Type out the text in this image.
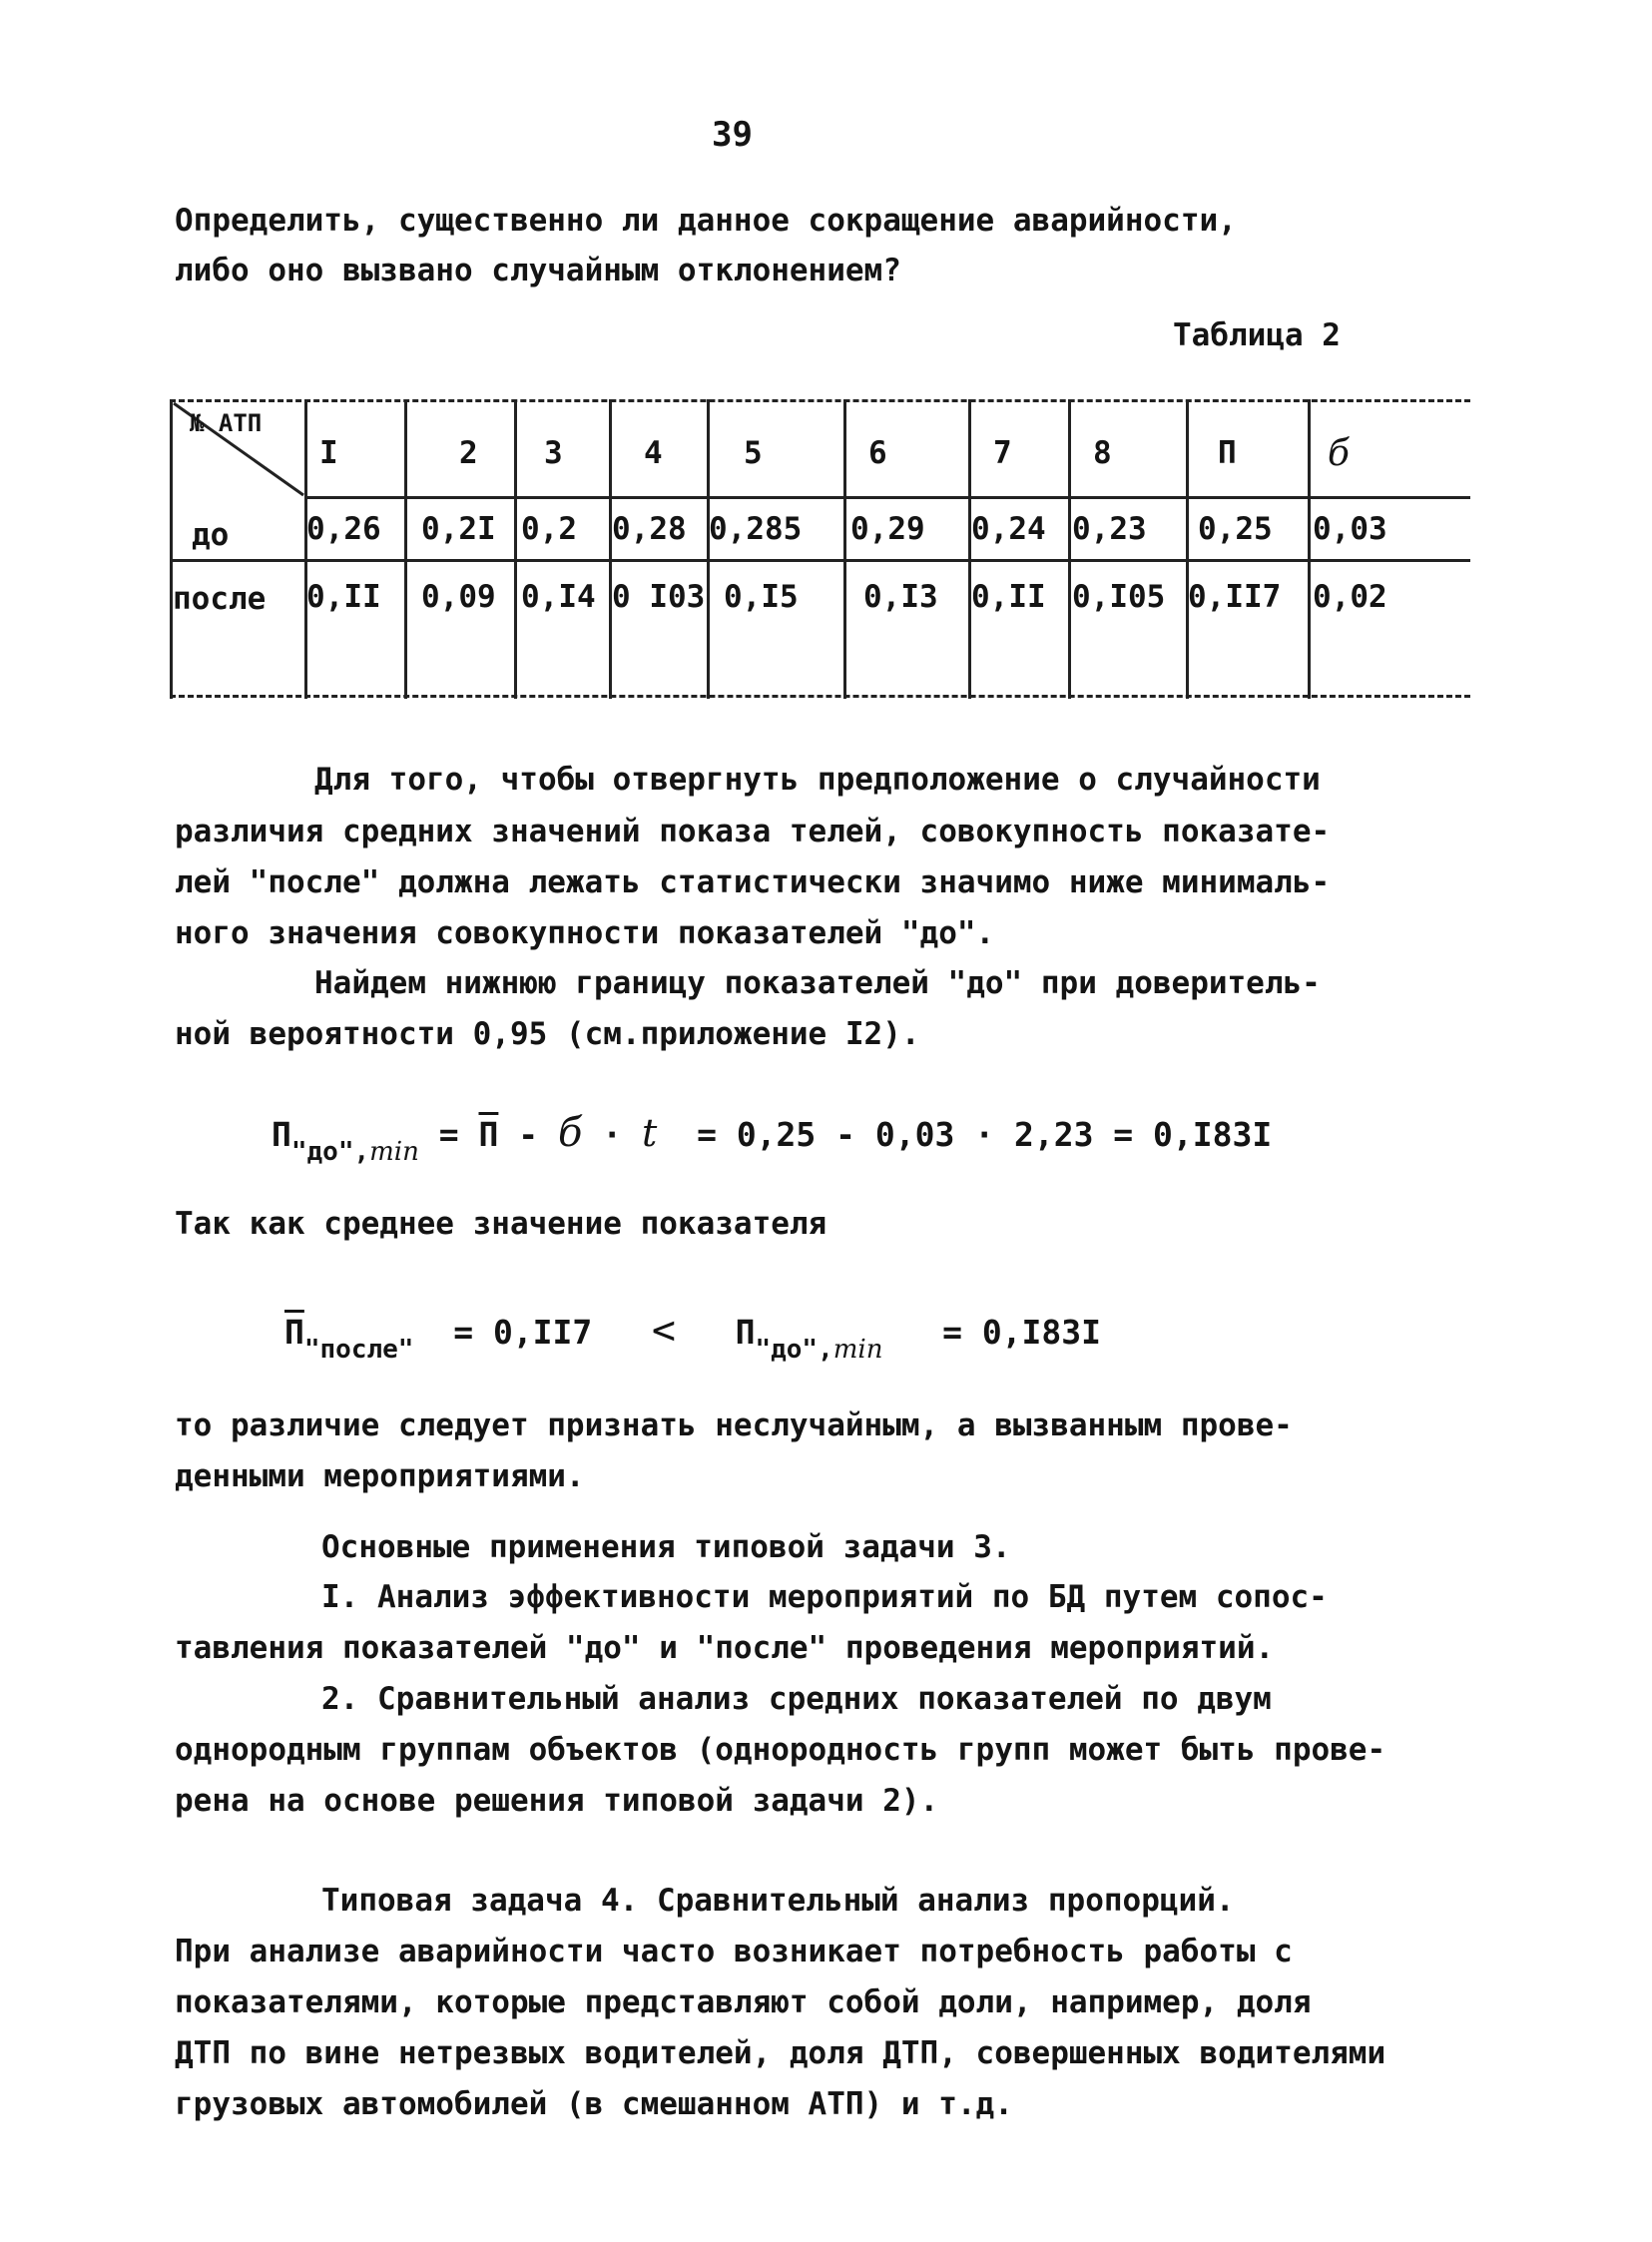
39
Определить, существенно ли данное сокращение аварийности,
либо оно вызвано случайным отклонением?
Таблица 2
№ АТП
I	2 3	4	5	6	7	8	П	б
до	0,26 0,2I 0,2 0,28 0,285 0,29 0,24 0,23 0,25 0,03
после 0,II 0,09 0,I4 0 I03 0,I5 0,I3 0,II 0,I05 0,II7 0,02
Для того, чтобы отвергнуть предположение о случайности
различия средних значений показа телей, совокупность показате-
лей "после" должна лежать статистически значимо ниже минималь-
ного значения совокупности показателей "до".
Найдем нижнюю границу показателей "до" при доверитель-
ной вероятности 0,95 (см.приложение I2).
$П_{"до",min} = П - б \cdot t = 0,25 - 0,03 \cdot 2,23 = 0,I83I$
Так как среднее значение показателя
$П_{"после"} = 0,II7 < П_{"до",min} = 0,I83I$
то различие следует признать неслучайным, а вызванным прове-
денными мероприятиями.
Основные применения типовой задачи 3.
I. Анализ эффективности мероприятий по БД путем сопос-
тавления показателей "до" и "после" проведения мероприятий.
2. Сравнительный анализ средних показателей по двум
однородным группам объектов (однородность групп может быть прове-
рена на основе решения типовой задачи 2).
Типовая задача 4. Сравнительный анализ пропорций.
При анализе аварийности часто возникает потребность работы с
показателями, которые представляют собой доли, например, доля
ДТП по вине нетрезвых водителей, доля ДТП, совершенных водителями
грузовых автомобилей (в смешанном АТП) и т.д.
